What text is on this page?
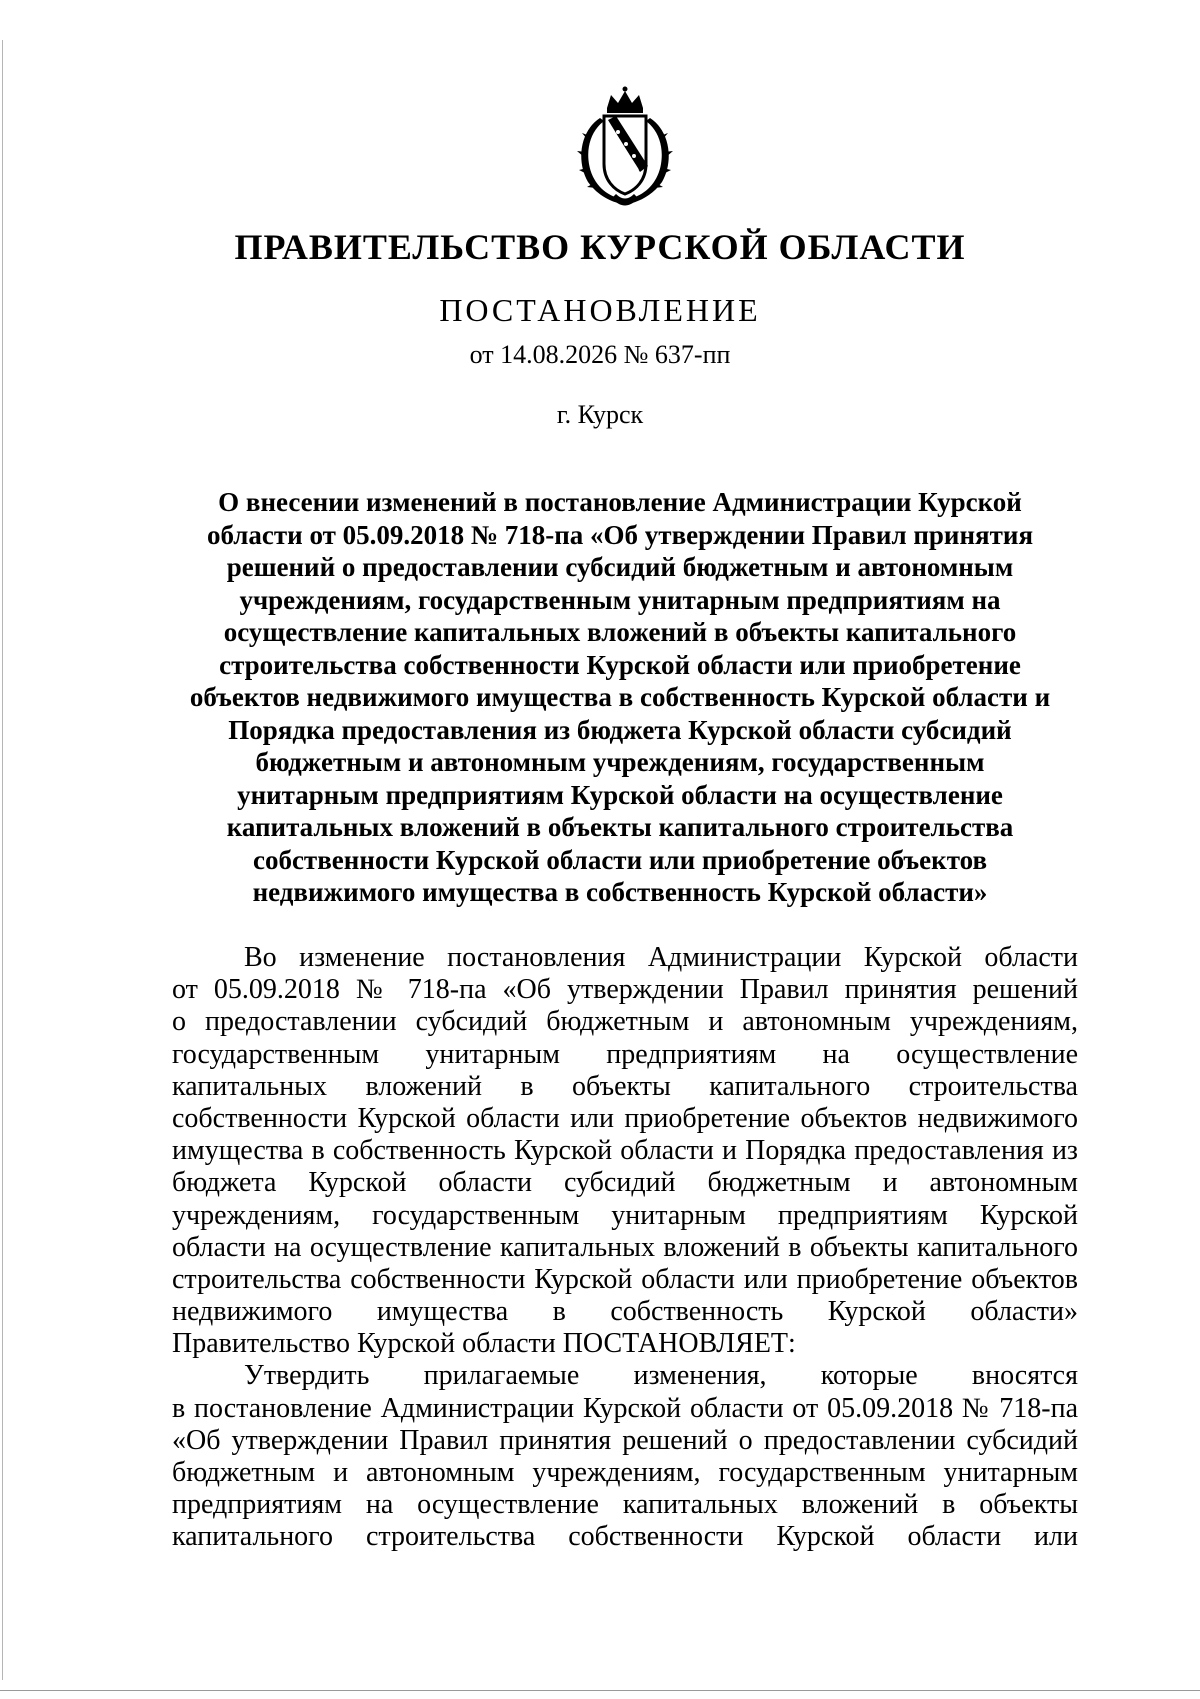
ПРАВИТЕЛЬСТВО КУРСКОЙ ОБЛАСТИ
ПОСТАНОВЛЕНИЕ
от 14.08.2026 № 637-пп
г. Курск
О внесении изменений в постановление Администрации Курской
области от 05.09.2018 № 718-па «Об утверждении Правил принятия
решений о предоставлении субсидий бюджетным и автономным
учреждениям, государственным унитарным предприятиям на
осуществление капитальных вложений в объекты капитального
строительства собственности Курской области или приобретение
объектов недвижимого имущества в собственность Курской области и
Порядка предоставления из бюджета Курской области субсидий
бюджетным и автономным учреждениям, государственным
унитарным предприятиям Курской области на осуществление
капитальных вложений в объекты капитального строительства
собственности Курской области или приобретение объектов
недвижимого имущества в собственность Курской области»
Во изменение постановления Администрации Курской области
от 05.09.2018 № 718-па «Об утверждении Правил принятия решений
о предоставлении субсидий бюджетным и автономным учреждениям,
государственным унитарным предприятиям на осуществление
капитальных вложений в объекты капитального строительства
собственности Курской области или приобретение объектов недвижимого
имущества в собственность Курской области и Порядка предоставления из
бюджета Курской области субсидий бюджетным и автономным
учреждениям, государственным унитарным предприятиям Курской
области на осуществление капитальных вложений в объекты капитального
строительства собственности Курской области или приобретение объектов
недвижимого имущества в собственность Курской области»
Правительство Курской области ПОСТАНОВЛЯЕТ:
Утвердить прилагаемые изменения, которые вносятся
в постановление Администрации Курской области от 05.09.2018 № 718-па
«Об утверждении Правил принятия решений о предоставлении субсидий
бюджетным и автономным учреждениям, государственным унитарным
предприятиям на осуществление капитальных вложений в объекты
капитального строительства собственности Курской области или
